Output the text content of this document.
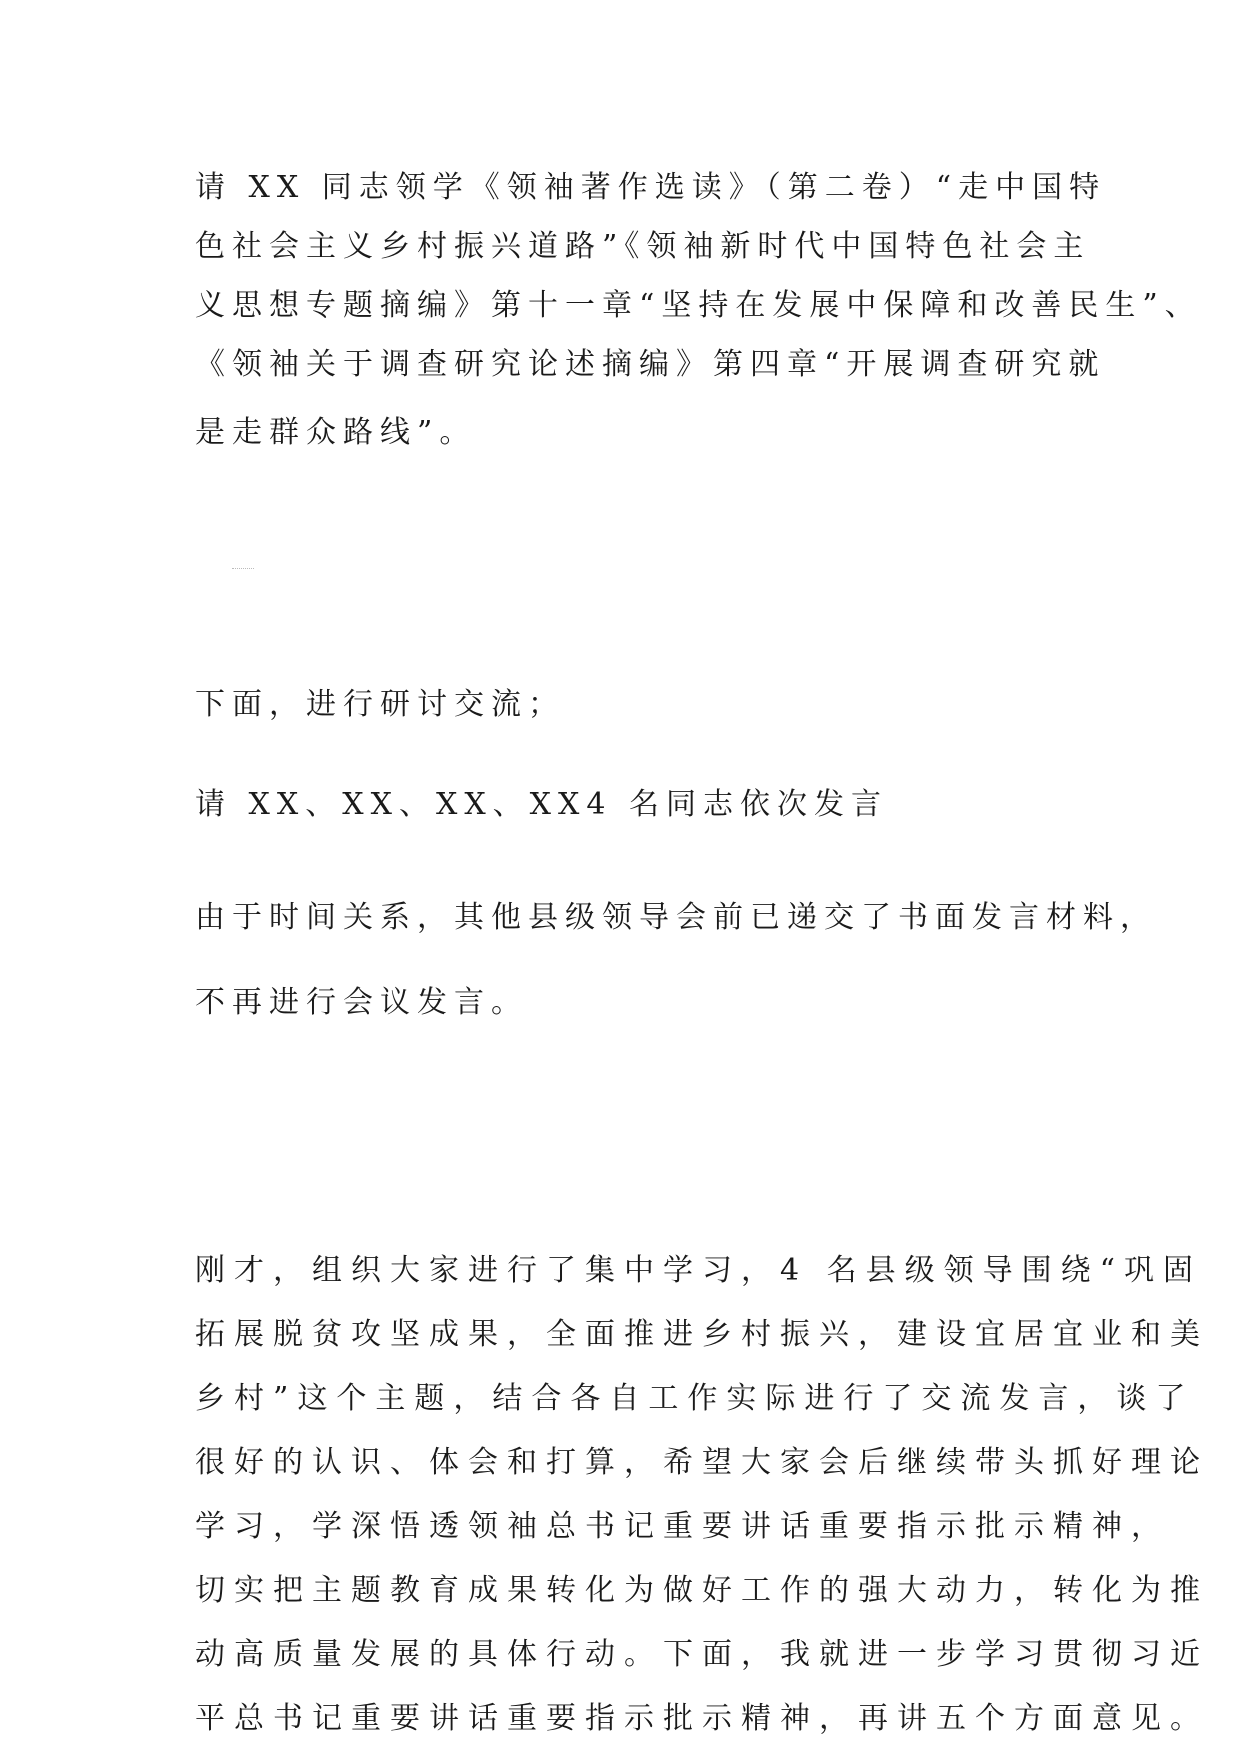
请 XX 同志领学《领袖著作选读》（第二卷）“走中国特
色社会主义乡村振兴道路”《领袖新时代中国特色社会主
义思想专题摘编》第十一章“坚持在发展中保障和改善民生”、
《领袖关于调查研究论述摘编》第四章“开展调查研究就
是走群众路线”。
下面，进行研讨交流；
请 XX、XX、XX、XX4 名同志依次发言
由于时间关系，其他县级领导会前已递交了书面发言材料，
不再进行会议发言。
刚才，组织大家进行了集中学习，4 名县级领导围绕“巩固
拓展脱贫攻坚成果，全面推进乡村振兴，建设宜居宜业和美
乡村”这个主题，结合各自工作实际进行了交流发言，谈了
很好的认识、体会和打算，希望大家会后继续带头抓好理论
学习，学深悟透领袖总书记重要讲话重要指示批示精神，
切实把主题教育成果转化为做好工作的强大动力，转化为推
动高质量发展的具体行动。下面，我就进一步学习贯彻习近
平总书记重要讲话重要指示批示精神，再讲五个方面意见。
